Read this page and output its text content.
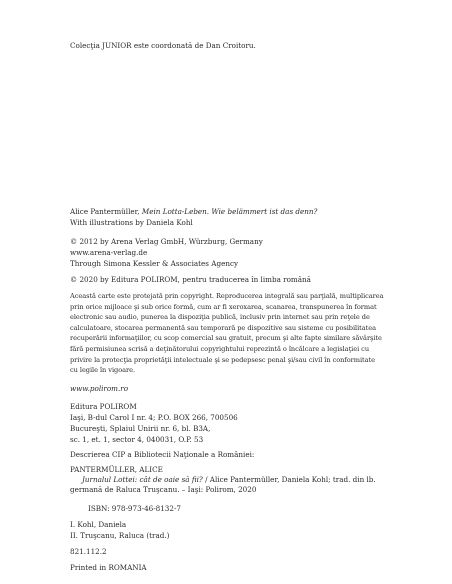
Colecţia JUNIOR este coordonată de Dan Croitoru.

Alice Pantermüller, Mein Lotta-Leben. Wie belämmert ist das denn?
With illustrations by Daniela Kohl
© 2012 by Arena Verlag GmbH, Würzburg, Germany
www.arena-verlag.de
Through Simona Kessler & Associates Agency
© 2020 by Editura POLIROM, pentru traducerea în limba română
Această carte este protejată prin copyright. Reproducerea integrală sau parţială, multiplicarea
prin orice mijloace şi sub orice formă, cum ar fi xeroxarea, scanarea, transpunerea în format
electronic sau audio, punerea la dispoziţia publică, inclusiv prin internet sau prin reţele de
calculatoare, stocarea permanentă sau temporară pe dispozitive sau sisteme cu posibilitatea
recuperării informaţiilor, cu scop comercial sau gratuit, precum şi alte fapte similare săvârşite
fără permisiunea scrisă a deţinătorului copyrightului reprezintă o încălcare a legislaţiei cu
privire la protecţia proprietăţii intelectuale şi se pedepsesc penal şi/sau civil în conformitate
cu legile în vigoare.
www.polirom.ro
Editura POLIROM
Iaşi, B-dul Carol I nr. 4; P.O. BOX 266, 700506
Bucureşti, Splaiul Unirii nr. 6, bl. B3A,
sc. 1, et. 1, sector 4, 040031, O.P. 53
Descrierea CIP a Bibliotecii Naţionale a României:
PANTERMÜLLER, ALICE
Jurnalul Lottei: cât de oaie să fii? / Alice Pantermüller, Daniela Kohl; trad. din lb.
germană de Raluca Truşcanu. – Iaşi: Polirom, 2020
ISBN: 978-973-46-8132-7
I. Kohl, Daniela
II. Truşcanu, Raluca (trad.)
821.112.2
Printed in ROMANIA
